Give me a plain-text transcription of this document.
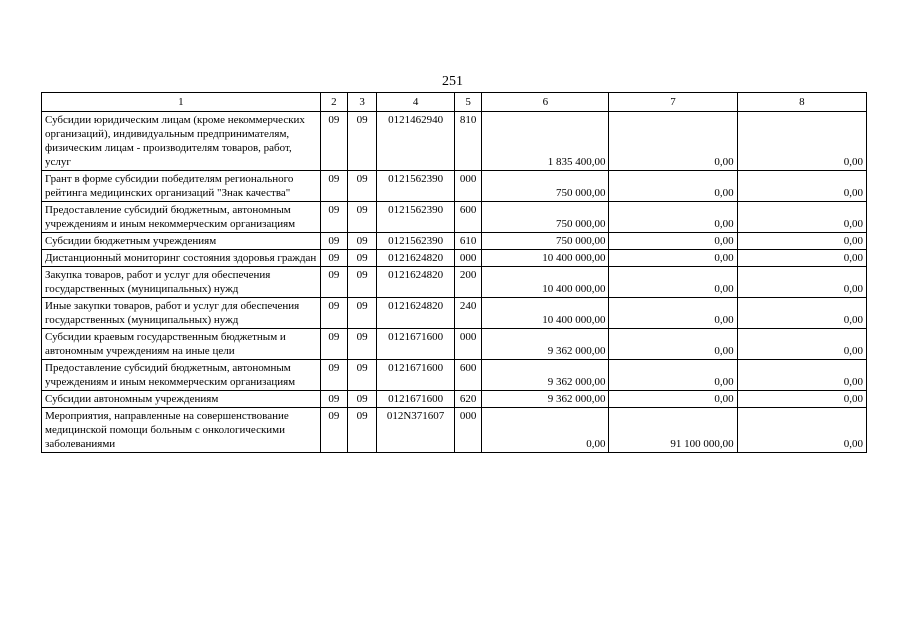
251
1	2	3	4	5	6	7	8
Субсидии юридическим лицам (кроме некоммерческих организаций), индивидуальным предпринимателям, физическим лицам - производителям товаров, работ, услуг	09	09	0121462940	810	1 835 400,00	0,00	0,00
Грант в форме субсидии победителям регионального рейтинга медицинских организаций "Знак качества"	09	09	0121562390	000	750 000,00	0,00	0,00
Предоставление субсидий бюджетным, автономным учреждениям и иным некоммерческим организациям	09	09	0121562390	600	750 000,00	0,00	0,00
Субсидии бюджетным учреждениям	09	09	0121562390	610	750 000,00	0,00	0,00
Дистанционный мониторинг состояния здоровья граждан	09	09	0121624820	000	10 400 000,00	0,00	0,00
Закупка товаров, работ и услуг для обеспечения государственных (муниципальных) нужд	09	09	0121624820	200	10 400 000,00	0,00	0,00
Иные закупки товаров, работ и услуг для обеспечения государственных (муниципальных) нужд	09	09	0121624820	240	10 400 000,00	0,00	0,00
Субсидии краевым государственным бюджетным и автономным учреждениям на иные цели	09	09	0121671600	000	9 362 000,00	0,00	0,00
Предоставление субсидий бюджетным, автономным учреждениям и иным некоммерческим организациям	09	09	0121671600	600	9 362 000,00	0,00	0,00
Субсидии автономным учреждениям	09	09	0121671600	620	9 362 000,00	0,00	0,00
Мероприятия, направленные на совершенствование медицинской помощи больным с онкологическими заболеваниями	09	09	012N371607	000	0,00	91 100 000,00	0,00
